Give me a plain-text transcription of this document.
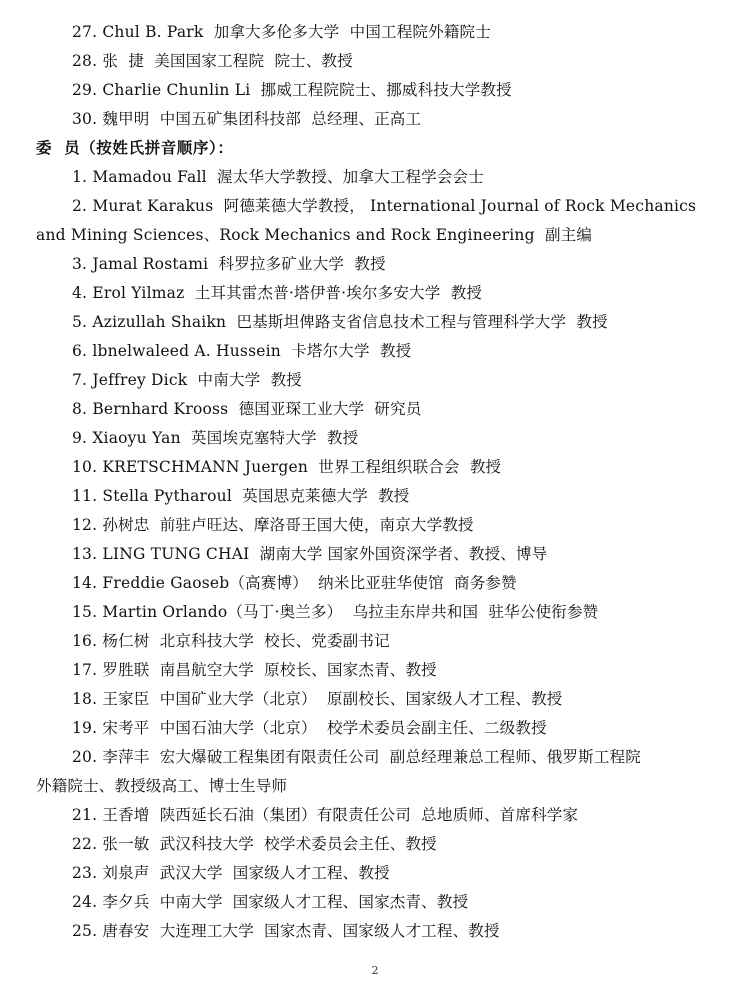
27. Chul B. Park  加拿大多伦多大学  中国工程院外籍院士
28. 张  捷  美国国家工程院  院士、教授
29. Charlie Chunlin Li  挪威工程院院士、挪威科技大学教授
30. 魏甲明  中国五矿集团科技部  总经理、正高工
委  员（按姓氏拼音顺序）：
1. Mamadou Fall  渥太华大学教授、加拿大工程学会会士
2. Murat Karakus  阿德莱德大学教授， International Journal of Rock Mechanics
and Mining Sciences、Rock Mechanics and Rock Engineering  副主编
3. Jamal Rostami  科罗拉多矿业大学  教授
4. Erol Yilmaz  土耳其雷杰普·塔伊普·埃尔多安大学  教授
5. Azizullah Shaikn  巴基斯坦俾路支省信息技术工程与管理科学大学  教授
6. lbnelwaleed A. Hussein  卡塔尔大学  教授
7. Jeffrey Dick  中南大学  教授
8. Bernhard Krooss  德国亚琛工业大学  研究员
9. Xiaoyu Yan  英国埃克塞特大学  教授
10. KRETSCHMANN Juergen  世界工程组织联合会  教授
11. Stella Pytharoul  英国思克莱德大学  教授
12. 孙树忠  前驻卢旺达、摩洛哥王国大使，南京大学教授
13. LING TUNG CHAI  湖南大学 国家外国资深学者、教授、博导
14. Freddie Gaoseb（高赛博）  纳米比亚驻华使馆  商务参赞
15. Martin Orlando（马丁·奥兰多）  乌拉圭东岸共和国  驻华公使衔参赞
16. 杨仁树  北京科技大学  校长、党委副书记
17. 罗胜联  南昌航空大学  原校长、国家杰青、教授
18. 王家臣  中国矿业大学（北京）  原副校长、国家级人才工程、教授
19. 宋考平  中国石油大学（北京）  校学术委员会副主任、二级教授
20. 李萍丰  宏大爆破工程集团有限责任公司  副总经理兼总工程师、俄罗斯工程院
外籍院士、教授级高工、博士生导师
21. 王香增  陕西延长石油（集团）有限责任公司  总地质师、首席科学家
22. 张一敏  武汉科技大学  校学术委员会主任、教授
23. 刘泉声  武汉大学  国家级人才工程、教授
24. 李夕兵  中南大学  国家级人才工程、国家杰青、教授
25. 唐春安  大连理工大学  国家杰青、国家级人才工程、教授
2
